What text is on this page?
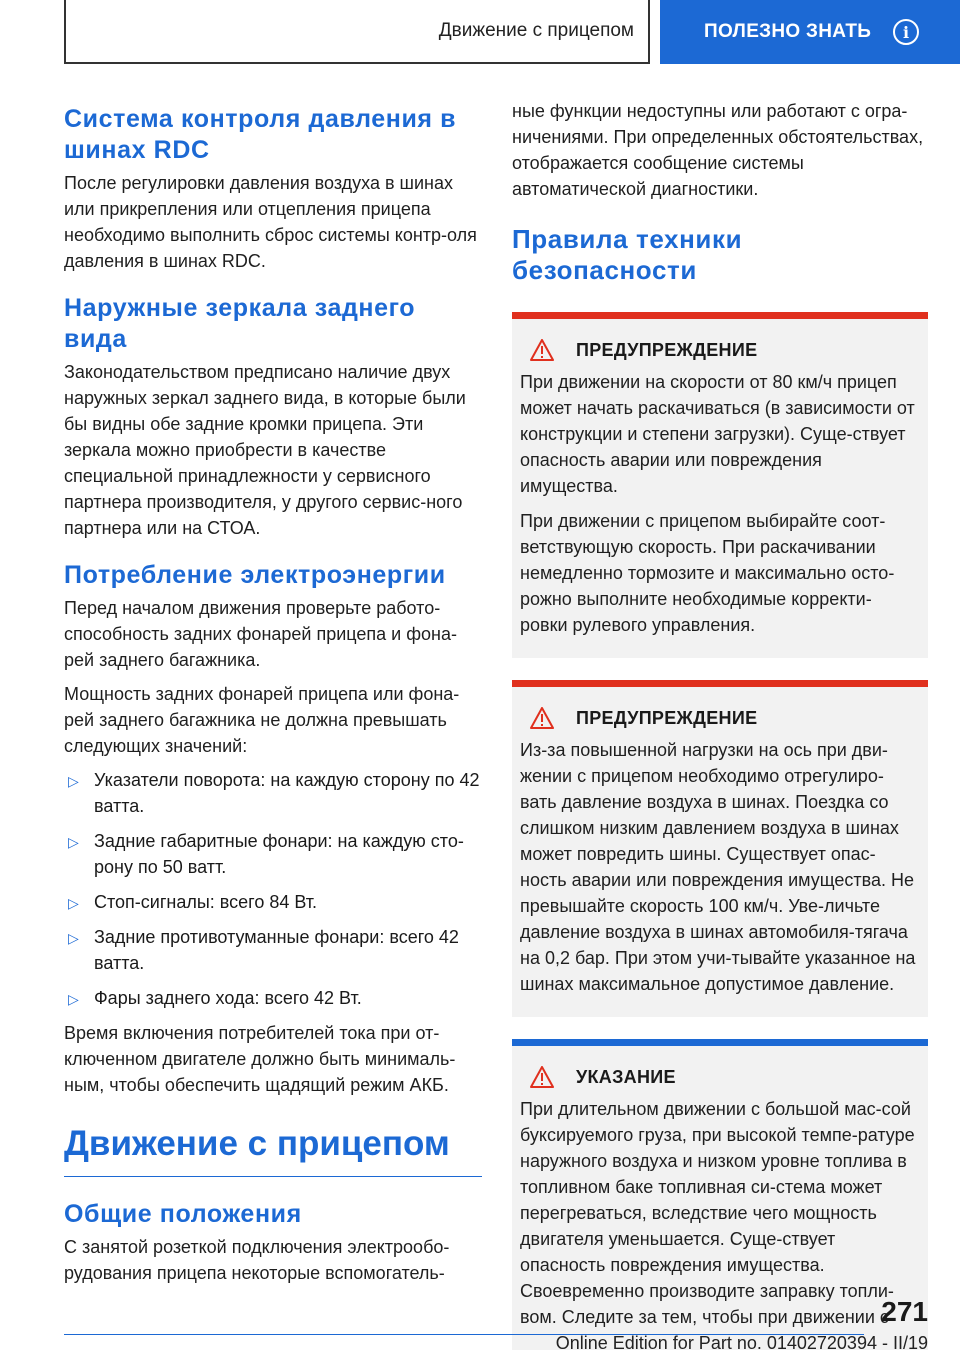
Движение с прицепом	ПОЛЕЗНО ЗНАТЬ	i
Система контроля давления в шинах RDC

После регулировки давления воздуха в шинах или прикрепления или отцепления прицепа необходимо выполнить сброс системы контр-оля давления в шинах RDC.

Наружные зеркала заднего вида

Законодательством предписано наличие двух наружных зеркал заднего вида, в которые были бы видны обе задние кромки прицепа. Эти зеркала можно приобрести в качестве специальной принадлежности у сервисного партнера производителя, у другого сервис-ного партнера или на СТОА.

Потребление электроэнергии

Перед началом движения проверьте работо-способность задних фонарей прицепа и фона-рей заднего багажника.

Мощность задних фонарей прицепа или фона-рей заднего багажника не должна превышать следующих значений:

▷ Указатели поворота: на каждую сторону по 42 ватта.
▷ Задние габаритные фонари: на каждую сто-рону по 50 ватт.
▷ Стоп-сигналы: всего 84 Вт.
▷ Задние противотуманные фонари: всего 42 ватта.
▷ Фары заднего хода: всего 42 Вт.

Время включения потребителей тока при от-ключенном двигателе должно быть минималь-ным, чтобы обеспечить щадящий режим АКБ.

Движение с прицепом
Общие положения

С занятой розеткой подключения электрообо-рудования прицепа некоторые вспомогатель-

ные функции недоступны или работают с огра-ничениями. При определенных обстоятельствах, отображается сообщение системы автоматической диагностики.

Правила техники безопасности
ПРЕДУПРЕЖДЕНИЕ

При движении на скорости от 80 км/ч прицеп может начать раскачиваться (в зависимости от конструкции и степени загрузки). Суще-ствует опасность аварии или повреждения имущества.

При движении с прицепом выбирайте соот-ветствующую скорость. При раскачивании немедленно тормозите и максимально осто-рожно выполните необходимые корректи-ровки рулевого управления.

ПРЕДУПРЕЖДЕНИЕ

Из-за повышенной нагрузки на ось при дви-жении с прицепом необходимо отрегулиро-вать давление воздуха в шинах. Поездка со слишком низким давлением воздуха в шинах может повредить шины. Существует опас-ность аварии или повреждения имущества. Не превышайте скорость 100 км/ч. Уве-личьте давление воздуха в шинах автомобиля-тягача на 0,2 бар. При этом учи-тывайте указанное на шинах максимальное допустимое давление.

УКАЗАНИЕ

При длительном движении с большой мас-сой буксируемого груза, при высокой темпе-ратуре наружного воздуха и низком уровне топлива в топливном баке топливная си-стема может перегреваться, вследствие чего мощность двигателя уменьшается. Суще-ствует опасность повреждения имущества. Своевременно производите заправку топли-вом. Следите за тем, чтобы при движении с

271
Online Edition for Part no. 01402720394 - II/19
